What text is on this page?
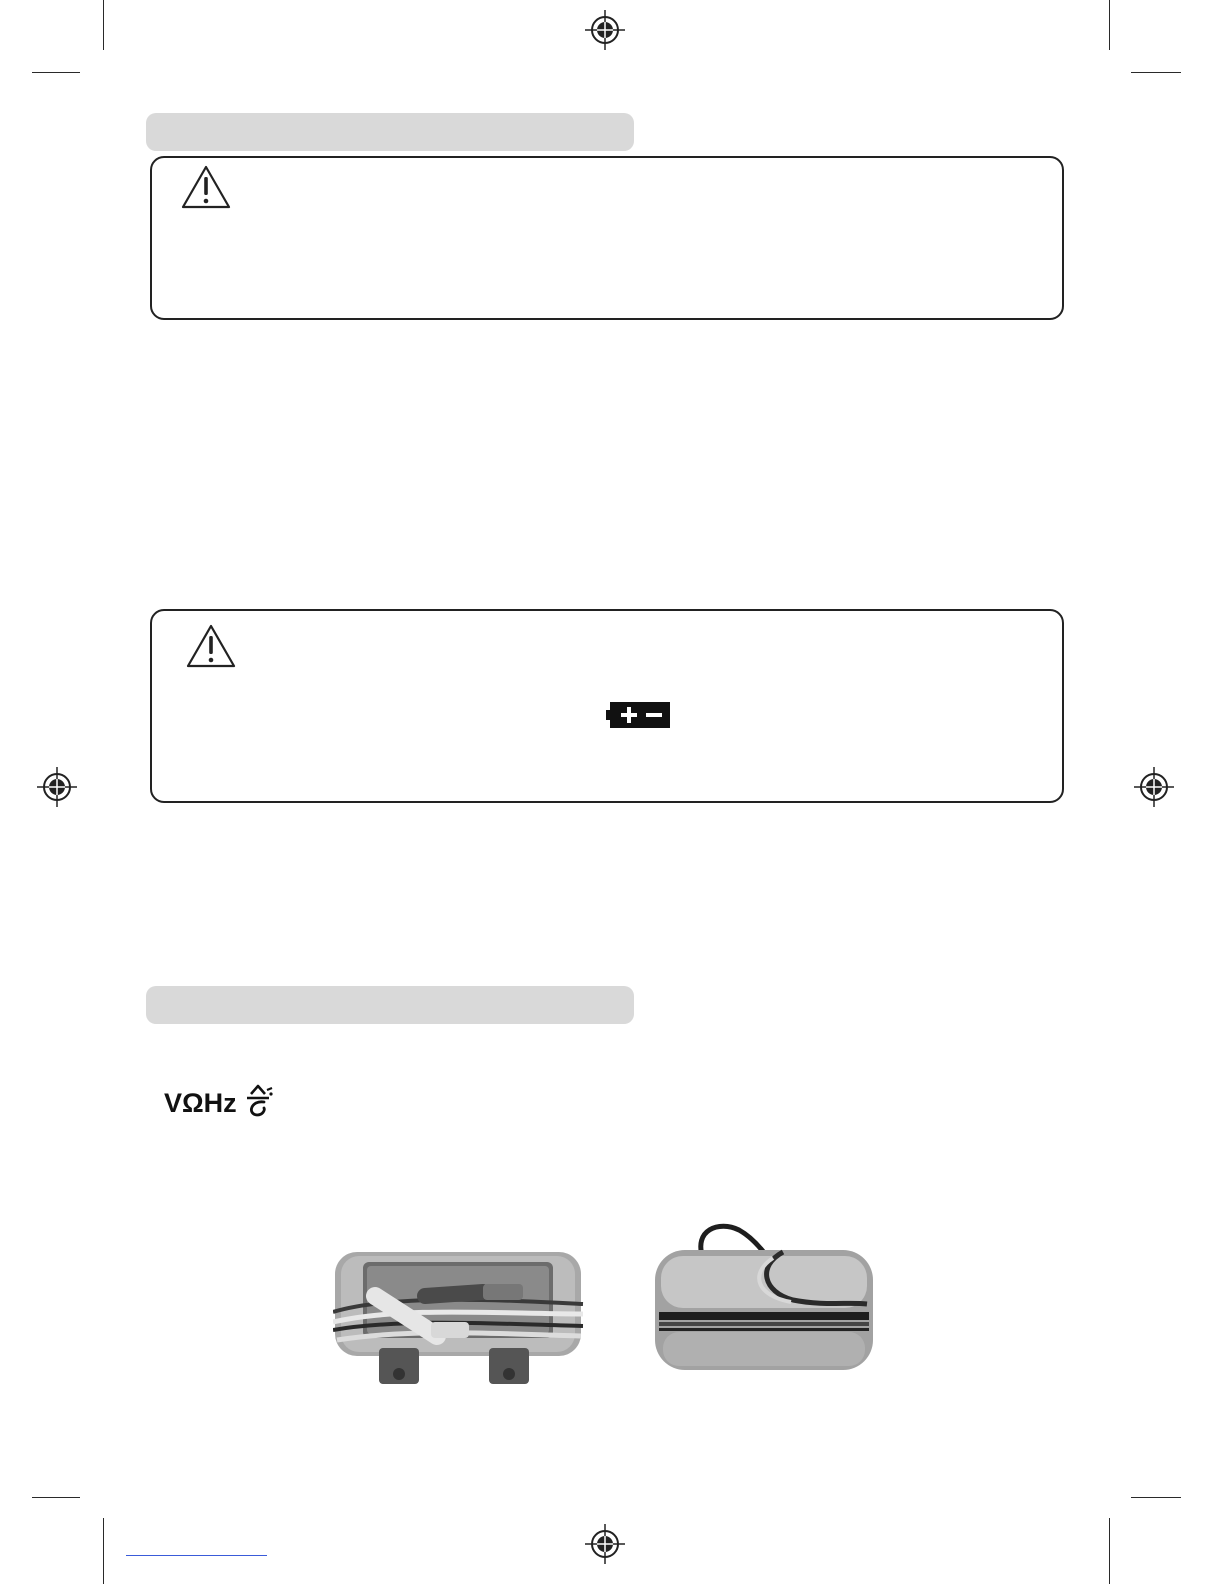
VΩHz
